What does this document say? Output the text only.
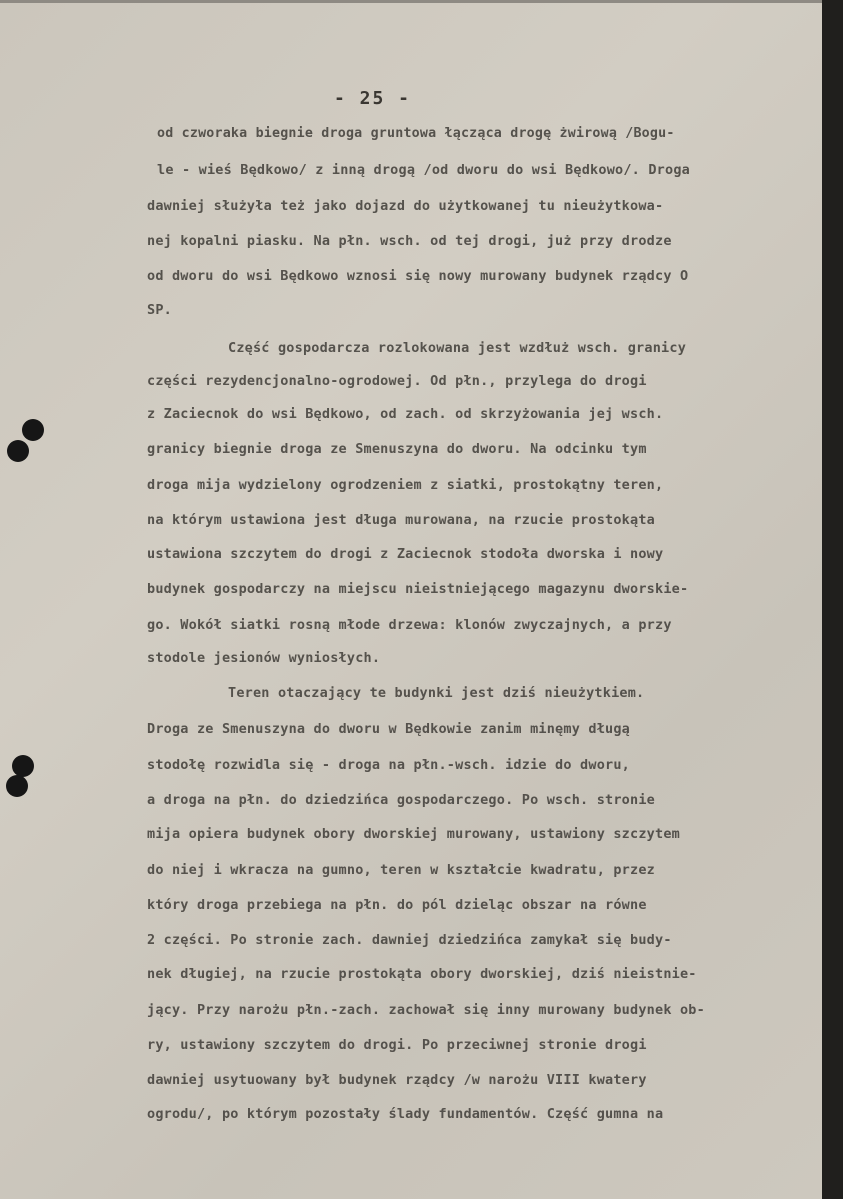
- 25 -
od czworaka biegnie droga gruntowa łącząca drogę żwirową /Bogu-
le - wieś Będkowo/ z inną drogą /od dworu do wsi Będkowo/. Droga
dawniej służyła też jako dojazd do użytkowanej tu nieużytkowa-
nej kopalni piasku. Na płn. wsch. od tej drogi, już przy drodze
od dworu do wsi Będkowo wznosi się nowy murowany budynek rządcy O
SP.
Część gospodarcza rozlokowana jest wzdłuż wsch. granicy
części rezydencjonalno-ogrodowej. Od płn., przylega do drogi
z Zaciecnok do wsi Będkowo, od zach. od skrzyżowania jej wsch.
granicy biegnie droga ze Smenuszyna do dworu. Na odcinku tym
droga mija wydzielony ogrodzeniem z siatki, prostokątny teren,
na którym ustawiona jest długa murowana, na rzucie prostokąta
ustawiona szczytem do drogi z Zaciecnok stodoła dworska i nowy
budynek gospodarczy na miejscu nieistniejącego magazynu dworskie-
go. Wokół siatki rosną młode drzewa: klonów zwyczajnych, a przy
stodole jesionów wyniosłych.
Teren otaczający te budynki jest dziś nieużytkiem.
Droga ze Smenuszyna do dworu w Będkowie zanim minęmy długą
stodołę rozwidla się - droga na płn.-wsch. idzie do dworu,
a droga na płn. do dziedzińca gospodarczego. Po wsch. stronie
mija opiera budynek obory dworskiej murowany, ustawiony szczytem
do niej i wkracza na gumno, teren w kształcie kwadratu, przez
który droga przebiega na płn. do pól dzieląc obszar na równe
2 części. Po stronie zach. dawniej dziedzińca zamykał się budy-
nek długiej, na rzucie prostokąta obory dworskiej, dziś nieistnie-
jący. Przy narożu płn.-zach. zachował się inny murowany budynek ob-
ry, ustawiony szczytem do drogi. Po przeciwnej stronie drogi
dawniej usytuowany był budynek rządcy /w narożu VIII kwatery
ogrodu/, po którym pozostały ślady fundamentów. Część gumna na
